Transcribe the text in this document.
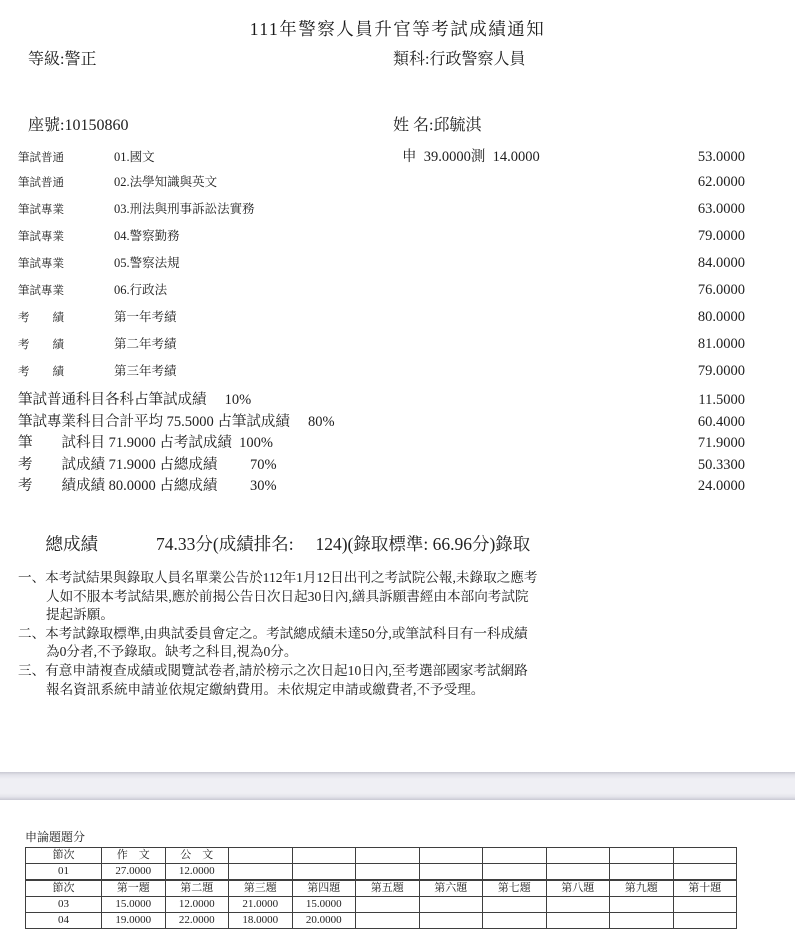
111年警察人員升官等考試成績通知
等級:警正	類科:行政警察人員
座號:10150860	姓 名:邱毓淇
筆試普通	01.國文	申  39.0000測  14.0000	53.0000
筆試普通	02.法學知識與英文	62.0000
筆試專業	03.刑法與刑事訴訟法實務	63.0000
筆試專業	04.警察勤務	79.0000
筆試專業	05.警察法規	84.0000
筆試專業	06.行政法	76.0000
考　　績	第一年考績	80.0000
考　　績	第二年考績	81.0000
考　　績	第三年考績	79.0000
筆試普通科目各科占筆試成績　 10%	11.5000
筆試專業科目合計平均 75.5000 占筆試成績　 80%	60.4000
筆　　試科目 71.9000 占考試成績  100%	71.9000
考　　試成績 71.9000 占總成績　　 70%	50.3300
考　　績成績 80.0000 占總成績　　 30%	24.0000

總成績	74.33分(成績排名:　 124)(錄取標準: 66.96分)錄取

一、本考試結果與錄取人員名單業公告於112年1月12日出刊之考試院公報,未錄取之應考
人如不服本考試結果,應於前揭公告日次日起30日內,繕具訴願書經由本部向考試院
提起訴願。
二、本考試錄取標準,由典試委員會定之。考試總成績未達50分,或筆試科目有一科成績
為0分者,不予錄取。缺考之科目,視為0分。
三、有意申請複查成績或閱覽試卷者,請於榜示之次日起10日內,至考選部國家考試網路
報名資訊系統申請並依規定繳納費用。未依規定申請或繳費者,不予受理。
申論題題分
節次	作　文	公　文								
01	27.0000	12.0000								
節次	第一題	第二題	第三題	第四題	第五題	第六題	第七題	第八題	第九題	第十題
03	15.0000	12.0000	21.0000	15.0000						
04	19.0000	22.0000	18.0000	20.0000						
